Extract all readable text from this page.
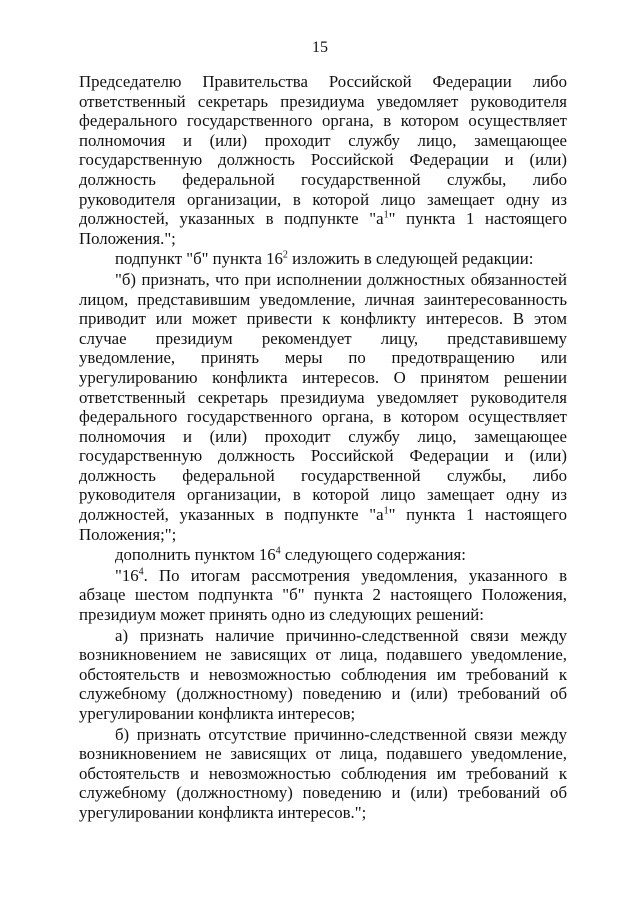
15

Председателю Правительства Российской Федерации либо ответственный секретарь президиума уведомляет руководителя федерального государственного органа, в котором осуществляет полномочия и (или) проходит службу лицо, замещающее государственную должность Российской Федерации и (или) должность федеральной государственной службы, либо руководителя организации, в которой лицо замещает одну из должностей, указанных в подпункте "$а^1$" пункта 1 настоящего Положения.";

подпункт "б" пункта $16^2$ изложить в следующей редакции:

"б) признать, что при исполнении должностных обязанностей лицом, представившим уведомление, личная заинтересованность приводит или может привести к конфликту интересов. В этом случае президиум рекомендует лицу, представившему уведомление, принять меры по предотвращению или урегулированию конфликта интересов. О принятом решении ответственный секретарь президиума уведомляет руководителя федерального государственного органа, в котором осуществляет полномочия и (или) проходит службу лицо, замещающее государственную должность Российской Федерации и (или) должность федеральной государственной службы, либо руководителя организации, в которой лицо замещает одну из должностей, указанных в подпункте "$а^1$" пункта 1 настоящего Положения;";

дополнить пунктом $16^4$ следующего содержания:

"$16^4$. По итогам рассмотрения уведомления, указанного в абзаце шестом подпункта "б" пункта 2 настоящего Положения, президиум может принять одно из следующих решений:

а) признать наличие причинно-следственной связи между возникновением не зависящих от лица, подавшего уведомление, обстоятельств и невозможностью соблюдения им требований к служебному (должностному) поведению и (или) требований об урегулировании конфликта интересов;

б) признать отсутствие причинно-следственной связи между возникновением не зависящих от лица, подавшего уведомление, обстоятельств и невозможностью соблюдения им требований к служебному (должностному) поведению и (или) требований об урегулировании конфликта интересов.";
